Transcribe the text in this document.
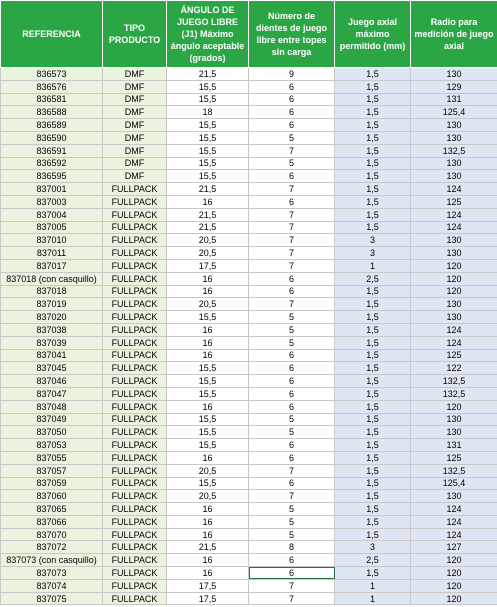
REFERENCIA	TIPO PRODUCTO	ÁNGULO DE JUEGO LIBRE (J1) Máximo ángulo aceptable (grados)	Número de dientes de juego libre entre topes sin carga	Juego axial máximo permitido (mm)	Radio para medición de juego axial
836573	DMF	21,5	9	1,5	130
836576	DMF	15,5	6	1,5	129
836581	DMF	15,5	6	1,5	131
836588	DMF	18	6	1,5	125,4
836589	DMF	15,5	6	1,5	130
836590	DMF	15,5	5	1,5	130
836591	DMF	15,5	7	1,5	132,5
836592	DMF	15,5	5	1,5	130
836595	DMF	15,5	6	1,5	130
837001	FULLPACK	21,5	7	1,5	124
837003	FULLPACK	16	6	1,5	125
837004	FULLPACK	21,5	7	1,5	124
837005	FULLPACK	21,5	7	1,5	124
837010	FULLPACK	20,5	7	3	130
837011	FULLPACK	20,5	7	3	130
837017	FULLPACK	17,5	7	1	120
837018 (con casquillo)	FULLPACK	16	6	2,5	120
837018	FULLPACK	16	6	1,5	120
837019	FULLPACK	20,5	7	1,5	130
837020	FULLPACK	15,5	5	1,5	130
837038	FULLPACK	16	5	1,5	124
837039	FULLPACK	16	5	1,5	124
837041	FULLPACK	16	6	1,5	125
837045	FULLPACK	15,5	6	1,5	122
837046	FULLPACK	15,5	6	1,5	132,5
837047	FULLPACK	15,5	6	1,5	132,5
837048	FULLPACK	16	6	1,5	120
837049	FULLPACK	15,5	5	1,5	130
837050	FULLPACK	15,5	5	1,5	130
837053	FULLPACK	15,5	6	1,5	131
837055	FULLPACK	16	6	1,5	125
837057	FULLPACK	20,5	7	1,5	132,5
837059	FULLPACK	15,5	6	1,5	125,4
837060	FULLPACK	20,5	7	1,5	130
837065	FULLPACK	16	5	1,5	124
837066	FULLPACK	16	5	1,5	124
837070	FULLPACK	16	5	1,5	124
837072	FULLPACK	21,5	8	3	127
837073 (con casquillo)	FULLPACK	16	6	2,5	120
837073	FULLPACK	16	6	1,5	120
837074	FULLPACK	17,5	7	1	120
837075	FULLPACK	17,5	7	1	120
